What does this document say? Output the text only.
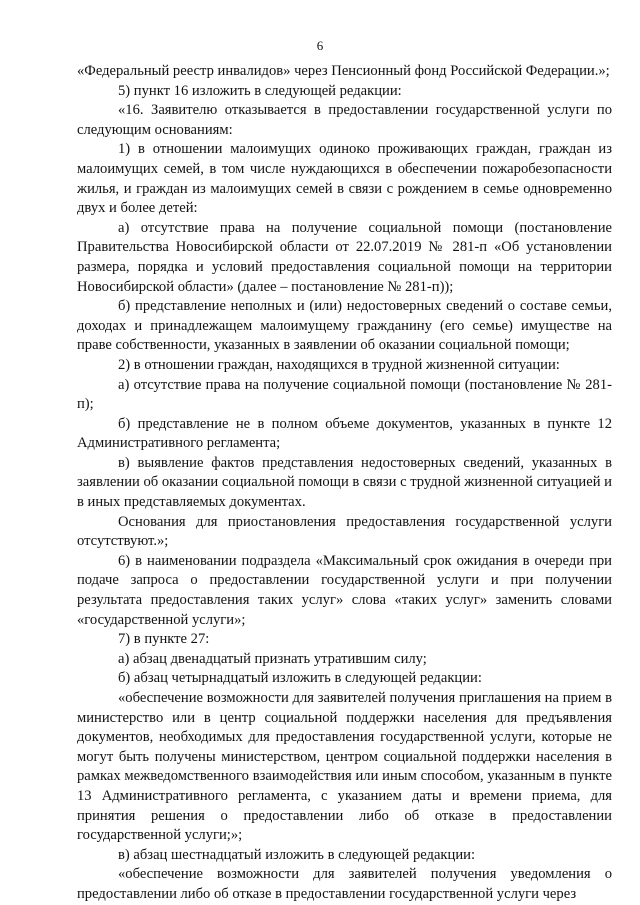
6

«Федеральный реестр инвалидов» через Пенсионный фонд Российской Федерации.»;

5) пункт 16 изложить в следующей редакции:

«16. Заявителю отказывается в предоставлении государственной услуги по следующим основаниям:

1) в отношении малоимущих одиноко проживающих граждан, граждан из малоимущих семей, в том числе нуждающихся в обеспечении пожаробезопасности жилья, и граждан из малоимущих семей в связи с рождением в семье одновременно двух и более детей:

а) отсутствие права на получение социальной помощи (постановление Правительства Новосибирской области от 22.07.2019 № 281-п «Об установлении размера, порядка и условий предоставления социальной помощи на территории Новосибирской области» (далее – постановление № 281-п));

б) представление неполных и (или) недостоверных сведений о составе семьи, доходах и принадлежащем малоимущему гражданину (его семье) имуществе на праве собственности, указанных в заявлении об оказании социальной помощи;

2) в отношении граждан, находящихся в трудной жизненной ситуации:

а) отсутствие права на получение социальной помощи (постановление № 281-п);

б) представление не в полном объеме документов, указанных в пункте 12 Административного регламента;

в) выявление фактов представления недостоверных сведений, указанных в заявлении об оказании социальной помощи в связи с трудной жизненной ситуацией и в иных представляемых документах.

Основания для приостановления предоставления государственной услуги отсутствуют.»;

6) в наименовании подраздела «Максимальный срок ожидания в очереди при подаче запроса о предоставлении государственной услуги и при получении результата предоставления таких услуг» слова «таких услуг» заменить словами «государственной услуги»;

7) в пункте 27:

а) абзац двенадцатый признать утратившим силу;

б) абзац четырнадцатый изложить в следующей редакции:

«обеспечение возможности для заявителей получения приглашения на прием в министерство или в центр социальной поддержки населения для предъявления документов, необходимых для предоставления государственной услуги, которые не могут быть получены министерством, центром социальной поддержки населения в рамках межведомственного взаимодействия или иным способом, указанным в пункте 13 Административного регламента, с указанием даты и времени приема, для принятия решения о предоставлении либо об отказе в предоставлении государственной услуги;»;

в) абзац шестнадцатый изложить в следующей редакции:

«обеспечение возможности для заявителей получения уведомления о предоставлении либо об отказе в предоставлении государственной услуги через
